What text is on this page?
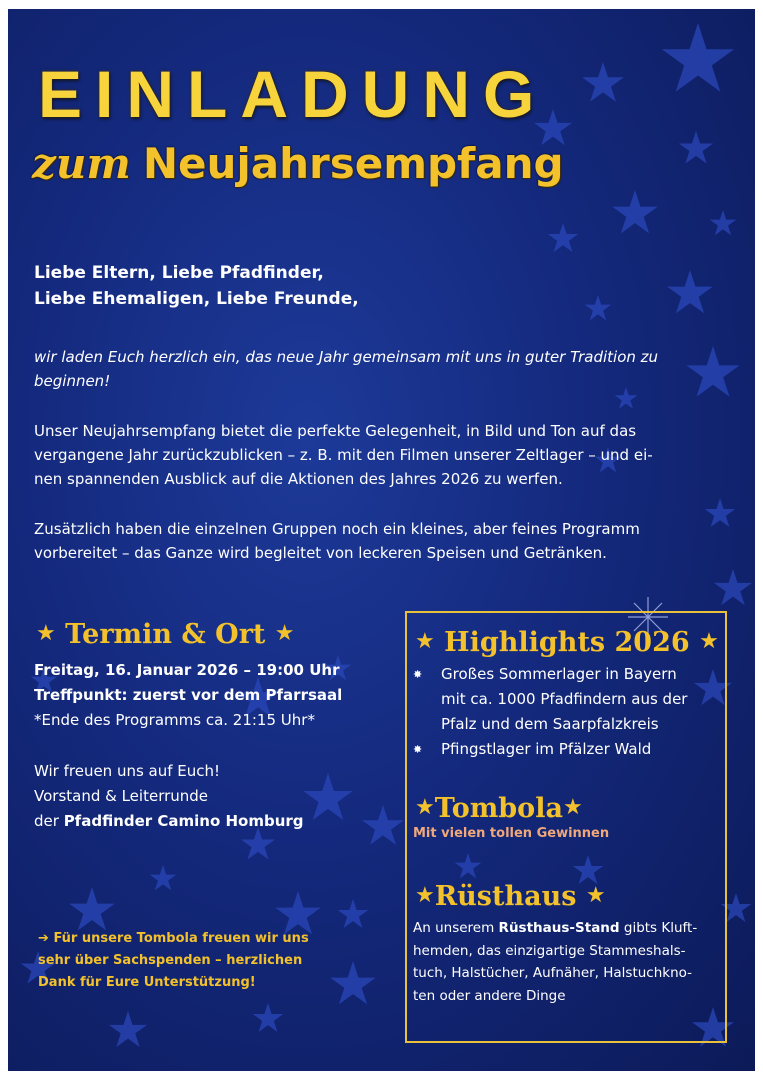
EINLADUNG
zum Neujahrsempfang
Liebe Eltern, Liebe Pfadfinder,
Liebe Ehemaligen, Liebe Freunde,
wir laden Euch herzlich ein, das neue Jahr gemeinsam mit uns in guter Tradition zu
beginnen!
Unser Neujahrsempfang bietet die perfekte Gelegenheit, in Bild und Ton auf das
vergangene Jahr zurückzublicken – z. B. mit den Filmen unserer Zeltlager – und ei-
nen spannenden Ausblick auf die Aktionen des Jahres 2026 zu werfen.
Zusätzlich haben die einzelnen Gruppen noch ein kleines, aber feines Programm
vorbereitet – das Ganze wird begleitet von leckeren Speisen und Getränken.
★ Termin & Ort ★
Freitag, 16. Januar 2026 – 19:00 Uhr
Treffpunkt: zuerst vor dem Pfarrsaal
*Ende des Programms ca. 21:15 Uhr*
Wir freuen uns auf Euch!
Vorstand & Leiterrunde
der Pfadfinder Camino Homburg
➔ Für unsere Tombola freuen wir uns
sehr über Sachspenden – herzlichen
Dank für Eure Unterstützung!
★ Highlights 2026 ★
✸ Großes Sommerlager in Bayern
mit ca. 1000 Pfadfindern aus der
Pfalz und dem Saarpfalzkreis
✸ Pfingstlager im Pfälzer Wald
★Tombola★
Mit vielen tollen Gewinnen
★Rüsthaus ★
An unserem Rüsthaus-Stand gibts Kluft-
hemden, das einzigartige Stammeshals-
tuch, Halstücher, Aufnäher, Halstuchkno-
ten oder andere Dinge
